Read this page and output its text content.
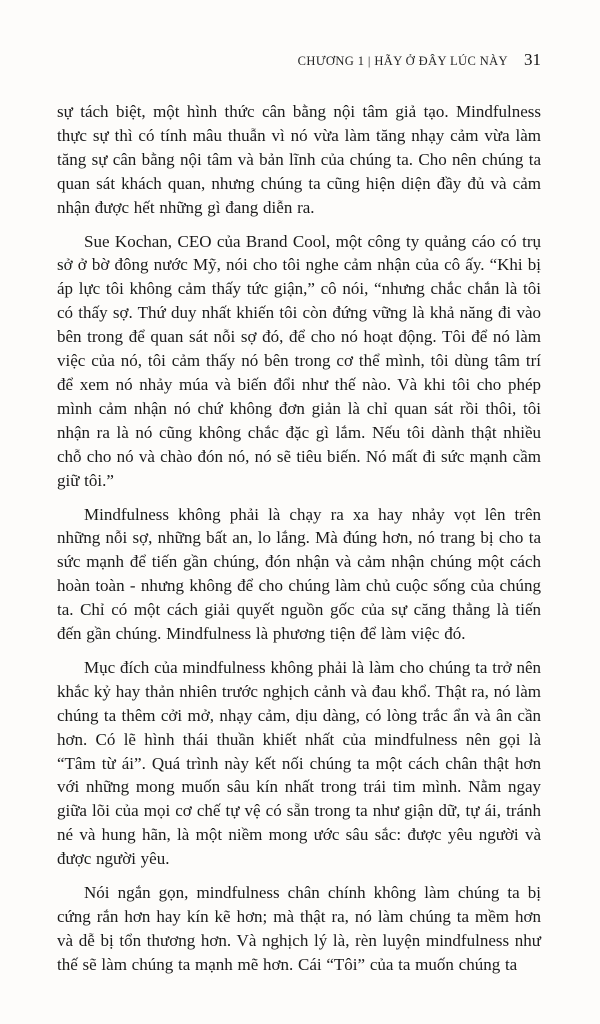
CHƯƠNG 1 | HÃY Ở ĐÂY LÚC NÀY 31

sự tách biệt, một hình thức cân bằng nội tâm giả tạo. Mindfulness thực sự thì có tính mâu thuẫn vì nó vừa làm tăng nhạy cảm vừa làm tăng sự cân bằng nội tâm và bản lĩnh của chúng ta. Cho nên chúng ta quan sát khách quan, nhưng chúng ta cũng hiện diện đầy đủ và cảm nhận được hết những gì đang diễn ra.

Sue Kochan, CEO của Brand Cool, một công ty quảng cáo có trụ sở ở bờ đông nước Mỹ, nói cho tôi nghe cảm nhận của cô ấy. “Khi bị áp lực tôi không cảm thấy tức giận,” cô nói, “nhưng chắc chắn là tôi có thấy sợ. Thứ duy nhất khiến tôi còn đứng vững là khả năng đi vào bên trong để quan sát nỗi sợ đó, để cho nó hoạt động. Tôi để nó làm việc của nó, tôi cảm thấy nó bên trong cơ thể mình, tôi dùng tâm trí để xem nó nhảy múa và biến đổi như thế nào. Và khi tôi cho phép mình cảm nhận nó chứ không đơn giản là chỉ quan sát rồi thôi, tôi nhận ra là nó cũng không chắc đặc gì lắm. Nếu tôi dành thật nhiều chỗ cho nó và chào đón nó, nó sẽ tiêu biến. Nó mất đi sức mạnh cầm giữ tôi.”

Mindfulness không phải là chạy ra xa hay nhảy vọt lên trên những nỗi sợ, những bất an, lo lắng. Mà đúng hơn, nó trang bị cho ta sức mạnh để tiến gần chúng, đón nhận và cảm nhận chúng một cách hoàn toàn - nhưng không để cho chúng làm chủ cuộc sống của chúng ta. Chỉ có một cách giải quyết nguồn gốc của sự căng thẳng là tiến đến gần chúng. Mindfulness là phương tiện để làm việc đó.

Mục đích của mindfulness không phải là làm cho chúng ta trở nên khắc kỷ hay thản nhiên trước nghịch cảnh và đau khổ. Thật ra, nó làm chúng ta thêm cởi mở, nhạy cảm, dịu dàng, có lòng trắc ẩn và ân cần hơn. Có lẽ hình thái thuần khiết nhất của mindfulness nên gọi là “Tâm từ ái”. Quá trình này kết nối chúng ta một cách chân thật hơn với những mong muốn sâu kín nhất trong trái tim mình. Nằm ngay giữa lõi của mọi cơ chế tự vệ có sẵn trong ta như giận dữ, tự ái, tránh né và hung hãn, là một niềm mong ước sâu sắc: được yêu người và được người yêu.

Nói ngắn gọn, mindfulness chân chính không làm chúng ta bị cứng rắn hơn hay kín kẽ hơn; mà thật ra, nó làm chúng ta mềm hơn và dễ bị tổn thương hơn. Và nghịch lý là, rèn luyện mindfulness như thế sẽ làm chúng ta mạnh mẽ hơn. Cái “Tôi” của ta muốn chúng ta
